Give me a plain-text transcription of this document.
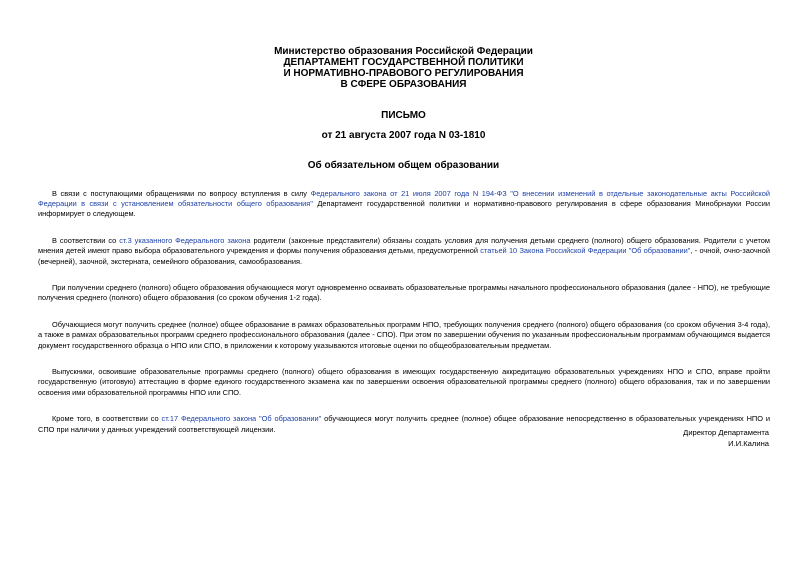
Министерство образования Российской Федерации
ДЕПАРТАМЕНТ ГОСУДАРСТВЕННОЙ ПОЛИТИКИ
И НОРМАТИВНО-ПРАВОВОГО РЕГУЛИРОВАНИЯ
В СФЕРЕ ОБРАЗОВАНИЯ
ПИСЬМО
от 21 августа 2007 года N 03-1810
Об обязательном общем образовании

В связи с поступающими обращениями по вопросу вступления в силу Федерального закона от 21 июля 2007 года N 194-ФЗ "О внесении изменений в отдельные законодательные акты Российской Федерации в связи с установлением обязательности общего образования" Департамент государственной политики и нормативно-правового регулирования в сфере образования Минобрнауки России информирует о следующем.

В соответствии со ст.3 указанного Федерального закона родители (законные представители) обязаны создать условия для получения детьми среднего (полного) общего образования. Родители с учетом мнения детей имеют право выбора образовательного учреждения и формы получения образования детьми, предусмотренной статьей 10 Закона Российской Федерации "Об образовании", - очной, очно-заочной (вечерней), заочной, экстерната, семейного образования, самообразования.

При получении среднего (полного) общего образования обучающиеся могут одновременно осваивать образовательные программы начального профессионального образования (далее - НПО), не требующие получения среднего (полного) общего образования (со сроком обучения 1-2 года).

Обучающиеся могут получить среднее (полное) общее образование в рамках образовательных программ НПО, требующих получения среднего (полного) общего образования (со сроком обучения 3-4 года), а также в рамках образовательных программ среднего профессионального образования (далее - СПО). При этом по завершении обучения по указанным профессиональным программам обучающимся выдается документ государственного образца о НПО или СПО, в приложении к которому указываются итоговые оценки по общеобразовательным предметам.

Выпускники, освоившие образовательные программы среднего (полного) общего образования в имеющих государственную аккредитацию образовательных учреждениях НПО и СПО, вправе пройти государственную (итоговую) аттестацию в форме единого государственного экзамена как по завершении освоения образовательной программы среднего (полного) общего образования, так и по завершении освоения ими образовательной программы НПО или СПО.

Кроме того, в соответствии со ст.17 Федерального закона "Об образовании" обучающиеся могут получить среднее (полное) общее образование непосредственно в образовательных учреждениях НПО и СПО при наличии у данных учреждений соответствующей лицензии.	Директор Департамента
И.И.Калина
